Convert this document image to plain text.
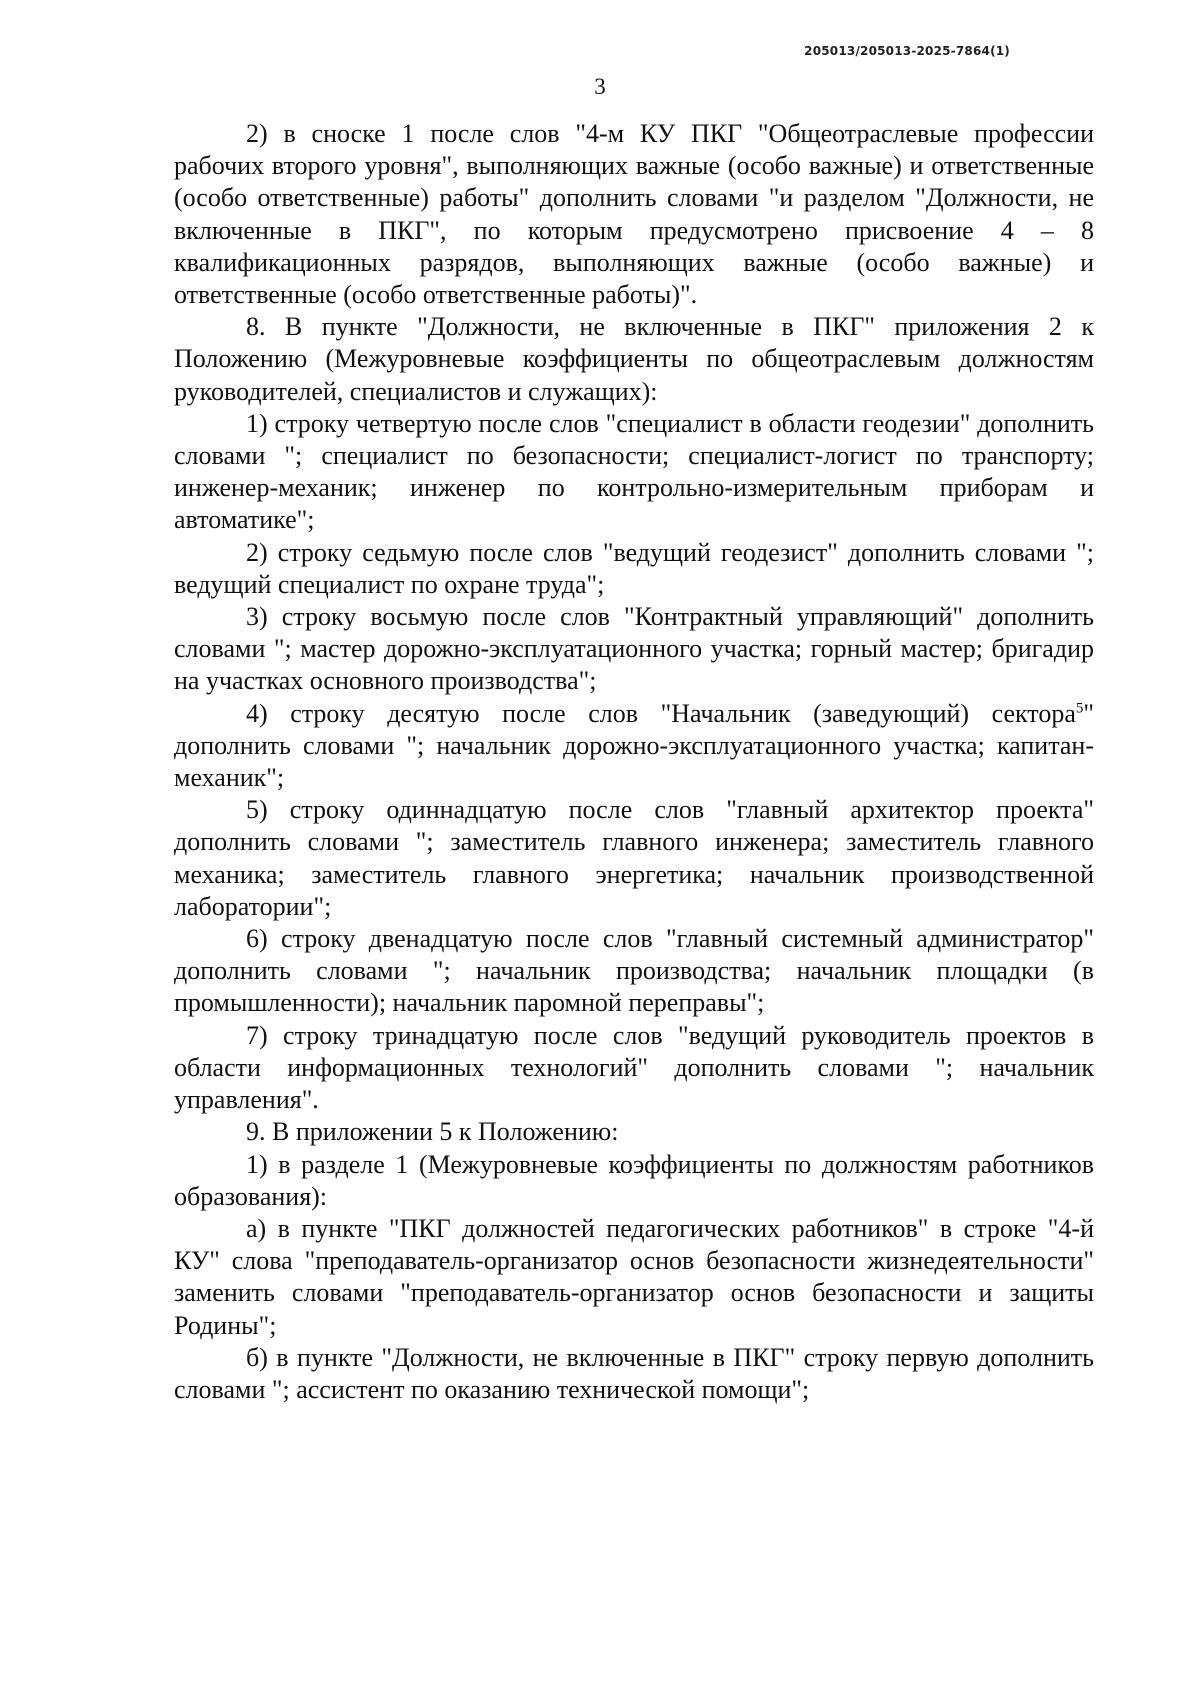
205013/205013-2025-7864(1)
3

2) в сноске 1 после слов "4-м КУ ПКГ "Общеотраслевые профессии рабочих второго уровня", выполняющих важные (особо важные) и ответственные (особо ответственные) работы" дополнить словами "и разделом "Должности, не включенные в ПКГ", по которым предусмотрено присвоение 4 – 8 квалификационных разрядов, выполняющих важные (особо важные) и ответственные (особо ответственные работы)".

8. В пункте "Должности, не включенные в ПКГ" приложения 2 к Положению (Межуровневые коэффициенты по общеотраслевым должностям руководителей, специалистов и служащих):

1) строку четвертую после слов "специалист в области геодезии" дополнить словами "; специалист по безопасности; специалист-логист по транспорту; инженер-механик; инженер по контрольно-измерительным приборам и автоматике";

2) строку седьмую после слов "ведущий геодезист" дополнить словами "; ведущий специалист по охране труда";

3) строку восьмую после слов "Контрактный управляющий" дополнить словами "; мастер дорожно-эксплуатационного участка; горный мастер; бригадир на участках основного производства";

4) строку десятую после слов "Начальник (заведующий) сектора$^5$" дополнить словами "; начальник дорожно-эксплуатационного участка; капитан-механик";

5) строку одиннадцатую после слов "главный архитектор проекта" дополнить словами "; заместитель главного инженера; заместитель главного механика; заместитель главного энергетика; начальник производственной лаборатории";

6) строку двенадцатую после слов "главный системный администратор" дополнить словами "; начальник производства; начальник площадки (в промышленности); начальник паромной переправы";

7) строку тринадцатую после слов "ведущий руководитель проектов в области информационных технологий" дополнить словами "; начальник управления".

9. В приложении 5 к Положению:

1) в разделе 1 (Межуровневые коэффициенты по должностям работников образования):

а) в пункте "ПКГ должностей педагогических работников" в строке "4-й КУ" слова "преподаватель-организатор основ безопасности жизнедеятельности" заменить словами "преподаватель-организатор основ безопасности и защиты Родины";

б) в пункте "Должности, не включенные в ПКГ" строку первую дополнить словами "; ассистент по оказанию технической помощи";
